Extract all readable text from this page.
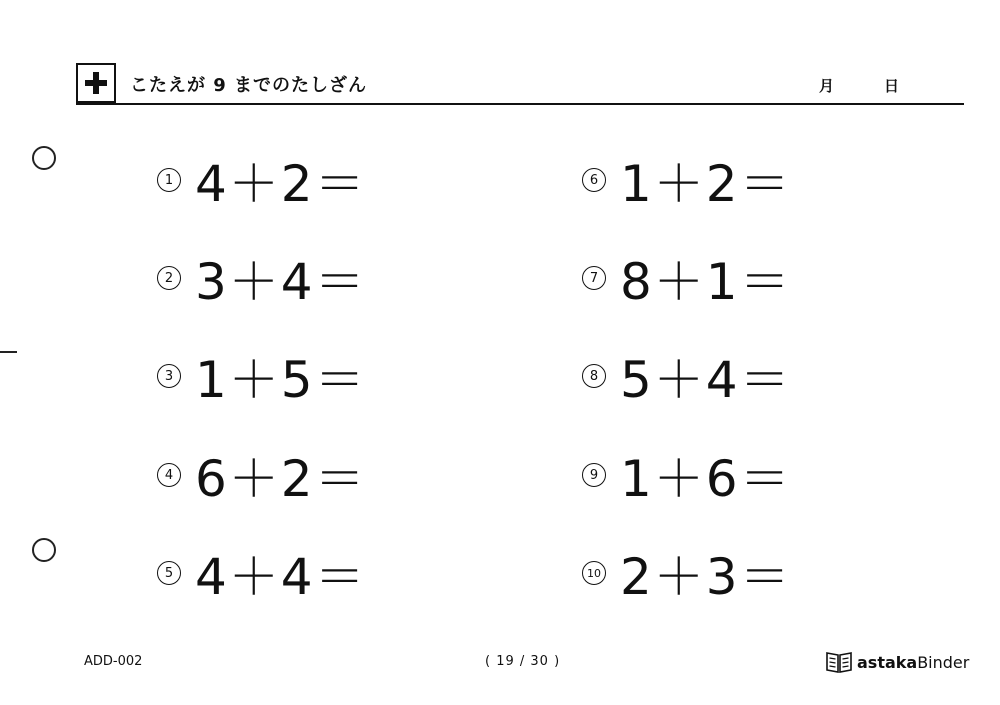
こたえが 9 までのたしざん	月	日
1 4＋2＝
2 3＋4＝
3 1＋5＝
4 6＋2＝
5 4＋4＝
6 1＋2＝
7 8＋1＝
8 5＋4＝
9 1＋6＝
10 2＋3＝
ADD-002	( 19 / 30 )	astaka Binder
